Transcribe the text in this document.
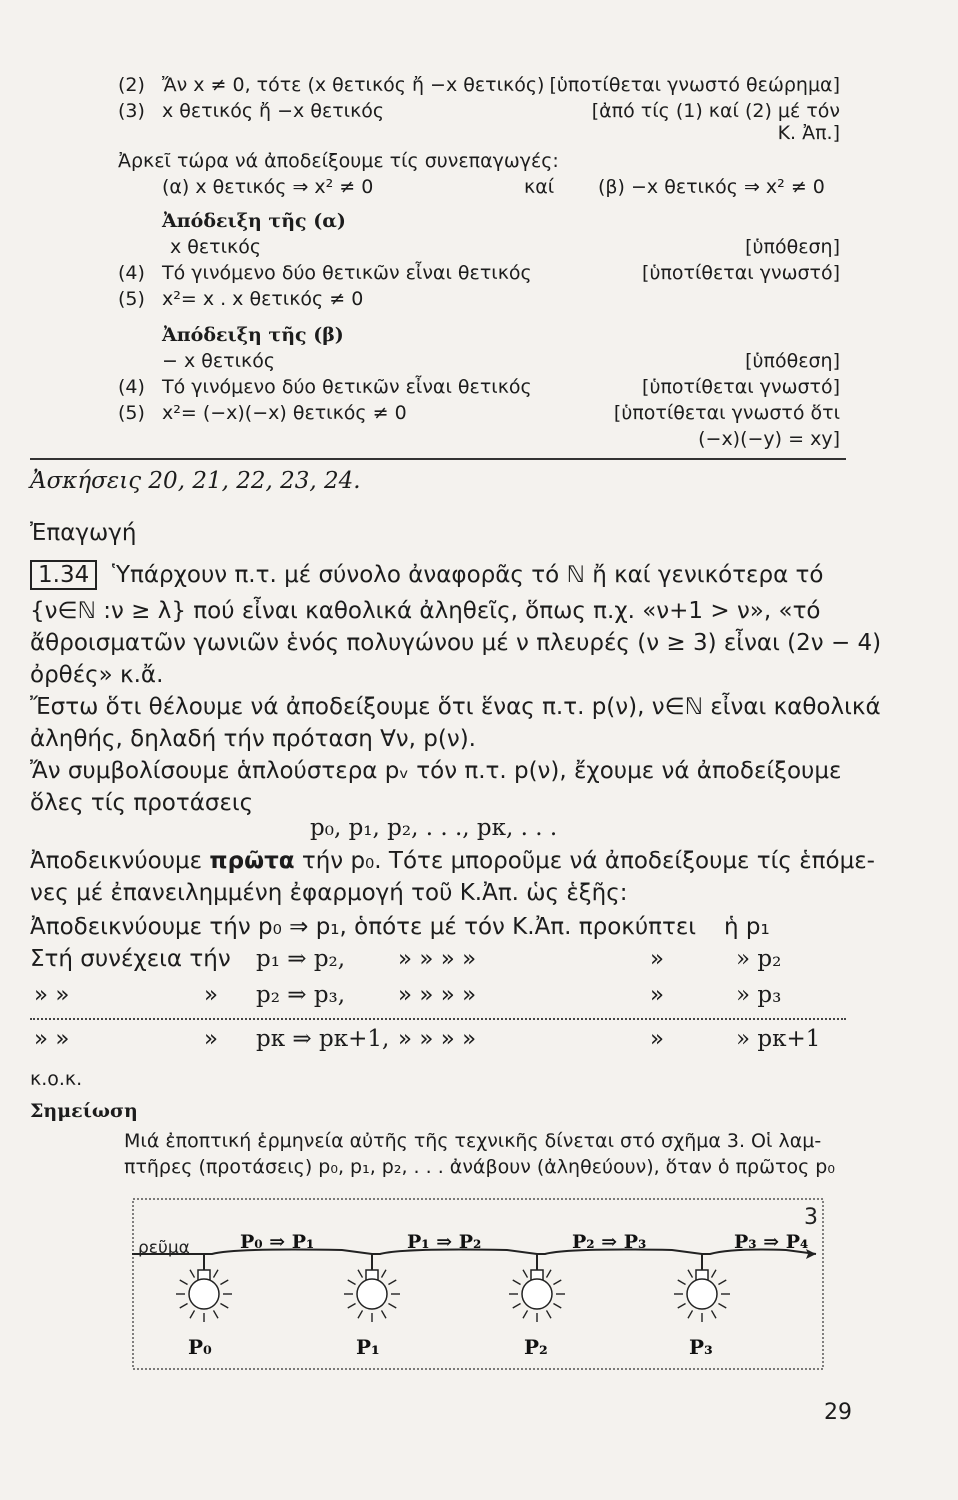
(2) Ἄν x ≠ 0, τότε (x θετικός ἤ −x θετικός) [ὑποτίθεται γνωστό θεώρημα]
(3) x θετικός ἤ −x θετικός	[ἀπό τίς (1) καί (2) μέ τόν
Κ. Ἀπ.]
Ἀρκεῖ τώρα νά ἀποδείξουμε τίς συνεπαγωγές:
(α) x θετικός ⇒ x² ≠ 0	καί (β) −x θετικός ⇒ x² ≠ 0
Ἀπόδειξη τῆς (α)
x θετικός	[ὑπόθεση]
(4) Τό γινόμενο δύο θετικῶν εἶναι θετικός	[ὑποτίθεται γνωστό]
(5) x²= x . x θετικός ≠ 0
Ἀπόδειξη τῆς (β)
− x θετικός	[ὑπόθεση]
(4) Τό γινόμενο δύο θετικῶν εἶναι θετικός	[ὑποτίθεται γνωστό]
(5) x²= (−x)(−x) θετικός ≠ 0	[ὑποτίθεται γνωστό ὅτι
(−x)(−y) = xy]
Ἀσκήσεις 20, 21, 22, 23, 24.
Ἐπαγωγή
1.34 Ὑπάρχουν π.τ. μέ σύνολο ἀναφορᾶς τό ℕ ἤ καί γενικότερα τό
{ν∈ℕ :ν ≥ λ} πού εἶναι καθολικά ἀληθεῖς, ὅπως π.χ. «ν+1 > ν», «τό
ἄθροισματῶν γωνιῶν ἑνός πολυγώνου μέ ν πλευρές (ν ≥ 3) εἶναι (2ν − 4)
ὀρθές» κ.ἄ.
Ἔστω ὅτι θέλουμε νά ἀποδείξουμε ὅτι ἕνας π.τ. p(ν), ν∈ℕ εἶναι καθολικά
ἀληθής, δηλαδή τήν πρόταση ∀ν, p(ν).
Ἄν συμβολίσουμε ἁπλούστερα pᵥ τόν π.τ. p(ν), ἔχουμε νά ἀποδείξουμε
ὅλες τίς προτάσεις
p₀, p₁, p₂, . . ., pκ, . . .
Ἀποδεικνύουμε πρῶτα τήν p₀. Τότε μποροῦμε νά ἀποδείξουμε τίς ἑπόμε-
νες μέ ἐπανειλημμένη ἐφαρμογή τοῦ Κ.Ἀπ. ὡς ἑξῆς:
Ἀποδεικνύουμε τήν p₀ ⇒ p₁, ὁπότε μέ τόν Κ.Ἀπ. προκύπτει ἡ p₁
Στή συνέχεια τήν p₁ ⇒ p₂, » » » »	»	» p₂
» »	» p₂ ⇒ p₃, » » » »	»	» p₃
» »	» pκ ⇒ pκ+1, » » » »	»	» pκ+1
κ.ο.κ.
Σημείωση
Μιά ἐποπτική ἑρμηνεία αὐτῆς τῆς τεχνικῆς δίνεται στό σχῆμα 3. Οἱ λαμ-
πτῆρες (προτάσεις) p₀, p₁, p₂, . . . ἀνάβουν (ἀληθεύουν), ὅταν ὁ πρῶτος p₀
3
ρεῦμα	P₀ ⇒ P₁	P₁ ⇒ P₂	P₂ ⇒ P₃	P₃ ⇒ P₄
P₀	P₁	P₂	P₃
29
